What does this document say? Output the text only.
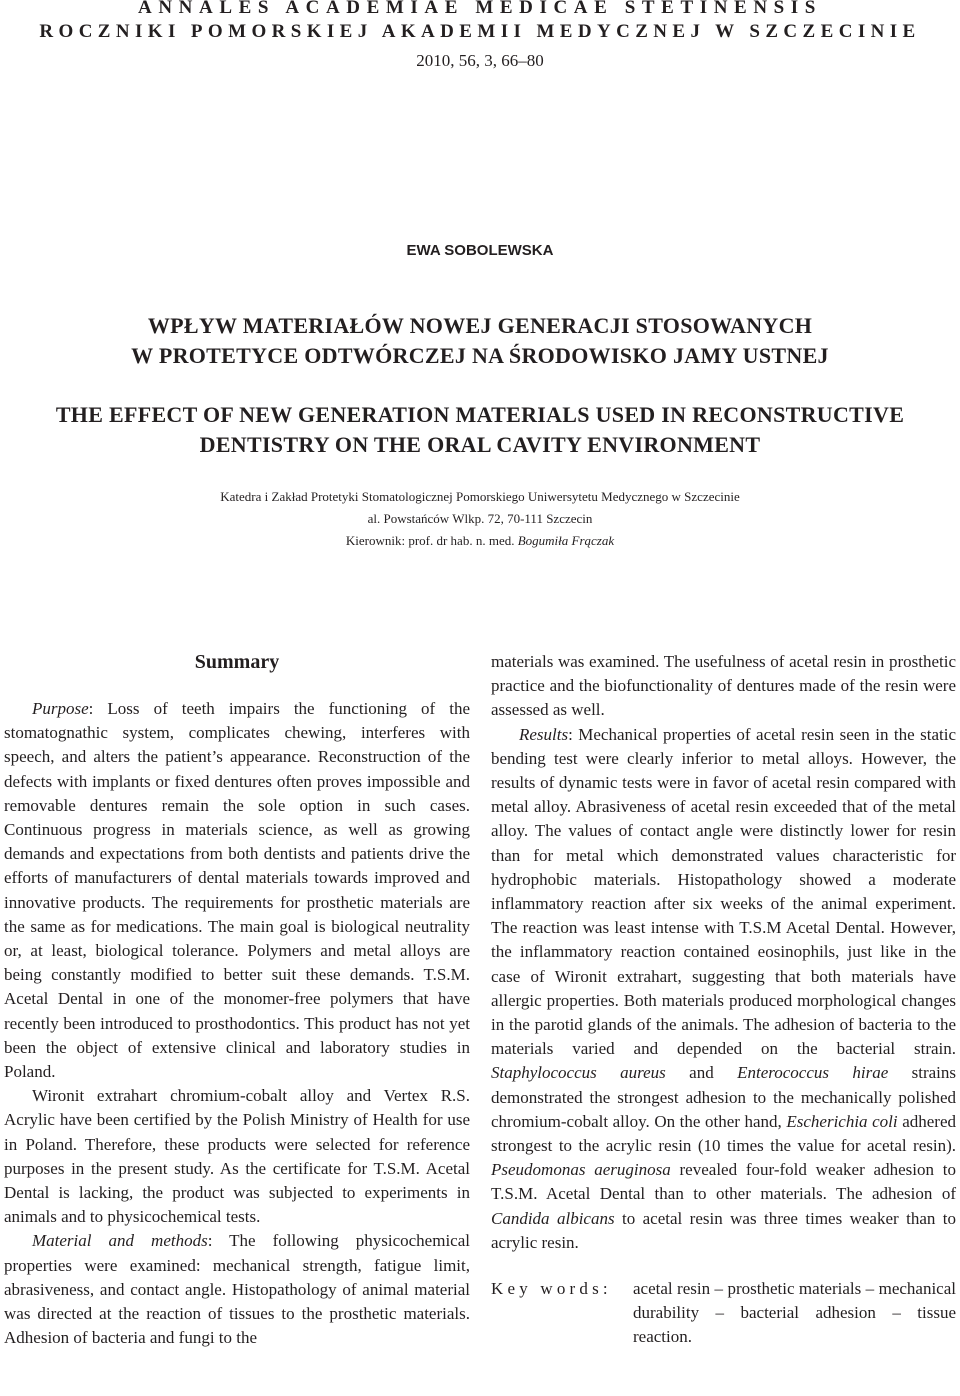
ANNALES ACADEMIAE MEDICAE STETINENSIS
ROCZNIKI POMORSKIEJ AKADEMII MEDYCZNEJ W SZCZECINIE
2010, 56, 3, 66–80
EWA SOBOLEWSKA
WPŁYW MATERIAŁÓW NOWEJ GENERACJI STOSOWANYCH
W PROTETYCE ODTWÓRCZEJ NA ŚRODOWISKO JAMY USTNEJ
THE EFFECT OF NEW GENERATION MATERIALS USED IN RECONSTRUCTIVE
DENTISTRY ON THE ORAL CAVITY ENVIRONMENT
Katedra i Zakład Protetyki Stomatologicznej Pomorskiego Uniwersytetu Medycznego w Szczecinie
al. Powstańców Wlkp. 72, 70-111 Szczecin
Kierownik: prof. dr hab. n. med. Bogumiła Frączak
Summary

Purpose: Loss of teeth impairs the functioning of the stomatognathic system, complicates chewing, interferes with speech, and alters the patient’s appearance. Reconstruction of the defects with implants or fixed dentures often proves impossible and removable dentures remain the sole option in such cases. Continuous progress in materials science, as well as growing demands and expectations from both dentists and patients drive the efforts of manufacturers of dental materials towards improved and innovative products. The requirements for prosthetic materials are the same as for medications. The main goal is biological neutrality or, at least, biological tolerance. Polymers and metal alloys are being constantly modified to better suit these demands. T.S.M. Acetal Dental in one of the monomer-free polymers that have recently been introduced to prosthodontics. This product has not yet been the object of extensive clinical and laboratory studies in Poland.

Wironit extrahart chromium-cobalt alloy and Vertex R.S. Acrylic have been certified by the Polish Ministry of Health for use in Poland. Therefore, these products were selected for reference purposes in the present study. As the certificate for T.S.M. Acetal Dental is lacking, the product was subjected to experiments in animals and to physicochemical tests.

Material and methods: The following physicochemical properties were examined: mechanical strength, fatigue limit, abrasiveness, and contact angle. Histopathology of animal material was directed at the reaction of tissues to the prosthetic materials. Adhesion of bacteria and fungi to the

materials was examined. The usefulness of acetal resin in prosthetic practice and the biofunctionality of dentures made of the resin were assessed as well.

Results: Mechanical properties of acetal resin seen in the static bending test were clearly inferior to metal alloys. However, the results of dynamic tests were in favor of acetal resin compared with metal alloy. Abrasiveness of acetal resin exceeded that of the metal alloy. The values of contact angle were distinctly lower for resin than for metal which demonstrated values characteristic for hydrophobic materials. Histopathology showed a moderate inflammatory reaction after six weeks of the animal experiment. The reaction was least intense with T.S.M Acetal Dental. However, the inflammatory reaction contained eosinophils, just like in the case of Wironit extrahart, suggesting that both materials have allergic properties. Both materials produced morphological changes in the parotid glands of the animals. The adhesion of bacteria to the materials varied and depended on the bacterial strain. Staphylococcus aureus and Enterococcus hirae strains demonstrated the strongest adhesion to the mechanically polished chromium-cobalt alloy. On the other hand, Escherichia coli adhered strongest to the acrylic resin (10 times the value for acetal resin). Pseudomonas aeruginosa revealed four-fold weaker adhesion to T.S.M. Acetal Dental than to other materials. The adhesion of Candida albicans to acetal resin was three times weaker than to acrylic resin.

Key words:	acetal resin – prosthetic materials – mechanical durability – bacterial adhesion – tissue reaction.
